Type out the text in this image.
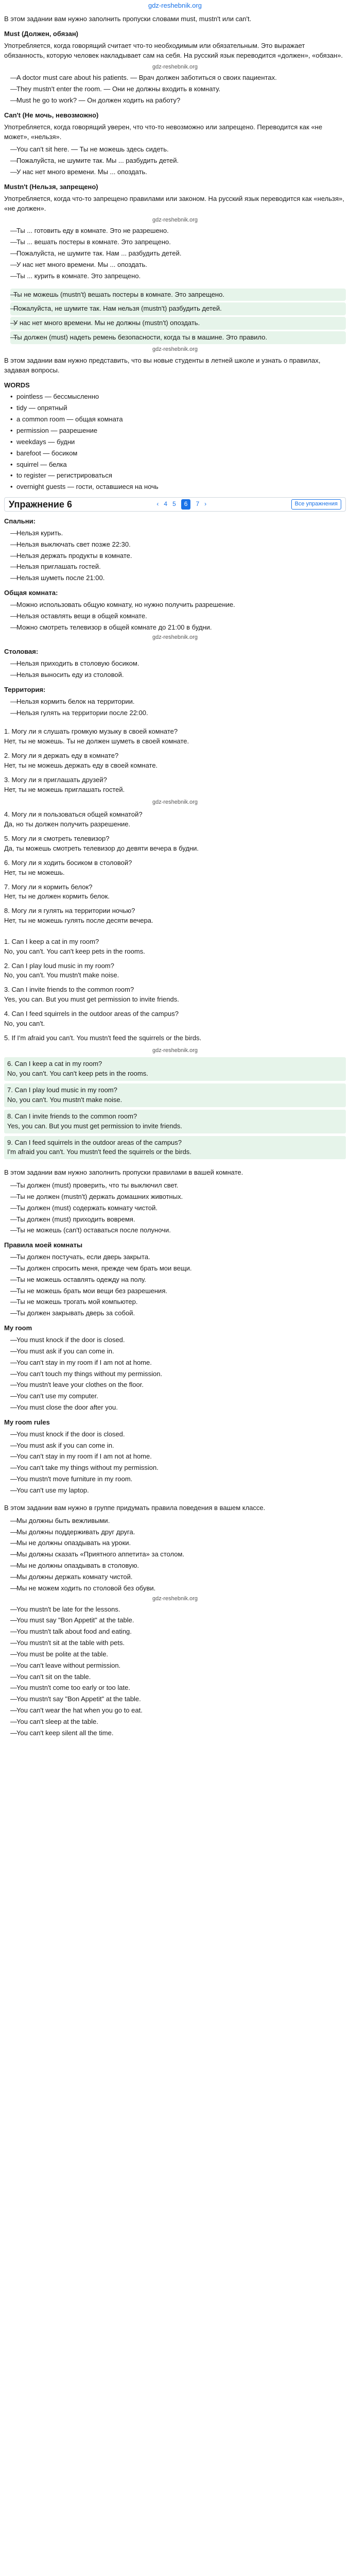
gdz-reshebnik.org

В этом задании вам нужно заполнить пропуски словами must, mustn't или can't.

Must (Должен, обязан)

Употребляется, когда говорящий считает что-то необходимым или обязательным. Это выражает обязанность, которую человек накладывает сам на себя. На русский язык переводится «должен», «обязан».

gdz-reshebnik.org
— A doctor must care about his patients. — Врач должен заботиться о своих пациентах.
— They mustn't enter the room. — Они не должны входить в комнату.
— Must he go to work? — Он должен ходить на работу?
Can't (Не мочь, невозможно)

Употребляется, когда говорящий уверен, что что-то невозможно или запрещено. Переводится как «не может», «нельзя».

— You can't sit here. — Ты не можешь здесь сидеть.
— Пожалуйста, не шумите так. Мы ... разбудить детей.
— У нас нет много времени. Мы ... опоздать.
Mustn't (Нельзя, запрещено)

Употребляется, когда что-то запрещено правилами или законом. На русский язык переводится как «нельзя», «не должен».

gdz-reshebnik.org
— Ты ... готовить еду в комнате. Это не разрешено.
— Ты ... вешать постеры в комнате. Это запрещено.
— Пожалуйста, не шумите так. Нам ... разбудить детей.
— У нас нет много времени. Мы ... опоздать.
— Ты ... курить в комнате. Это запрещено.
— Ты не можешь (mustn't) вешать постеры в комнате. Это запрещено.
— Пожалуйста, не шумите так. Нам нельзя (mustn't) разбудить детей.
— У нас нет много времени. Мы не должны (mustn't) опоздать.
— Ты должен (must) надеть ремень безопасности, когда ты в машине. Это правило.
gdz-reshebnik.org

В этом задании вам нужно представить, что вы новые студенты в летней школе и узнать о правилах, задавая вопросы.

WORDS
• pointless — бессмысленно
• tidy — опрятный
• a common room — общая комната
• permission — разрешение
• weekdays — будни
• barefoot — босиком
• squirrel — белка
• to register — регистрироваться
• overnight guests — гости, оставшиеся на ночь
Упражнение 6	‹ 4 5	6	7 ›	Все упражнения
Спальни:
— Нельзя курить.
— Нельзя выключать свет позже 22:30.
— Нельзя держать продукты в комнате.
— Нельзя приглашать гостей.
— Нельзя шуметь после 21:00.
Общая комната:
— Можно использовать общую комнату, но нужно получить разрешение.
— Нельзя оставлять вещи в общей комнате.
— Можно смотреть телевизор в общей комнате до 21:00 в будни.
gdz-reshebnik.org
Столовая:
— Нельзя приходить в столовую босиком.
— Нельзя выносить еду из столовой.
Территория:
— Нельзя кормить белок на территории.
— Нельзя гулять на территории после 22:00.
1. Могу ли я слушать громкую музыку в своей комнате?
Нет, ты не можешь. Ты не должен шуметь в своей комнате.
2. Могу ли я держать еду в комнате?
Нет, ты не можешь держать еду в своей комнате.
3. Могу ли я приглашать друзей?
Нет, ты не можешь приглашать гостей.
gdz-reshebnik.org
4. Могу ли я пользоваться общей комнатой?
Да, но ты должен получить разрешение.
5. Могу ли я смотреть телевизор?
Да, ты можешь смотреть телевизор до девяти вечера в будни.
6. Могу ли я ходить босиком в столовой?
Нет, ты не можешь.
7. Могу ли я кормить белок?
Нет, ты не должен кормить белок.
8. Могу ли я гулять на территории ночью?
Нет, ты не можешь гулять после десяти вечера.
1. Can I keep a cat in my room?
No, you can't. You can't keep pets in the rooms.
2. Can I play loud music in my room?
No, you can't. You mustn't make noise.
3. Can I invite friends to the common room?
Yes, you can. But you must get permission to invite friends.
4. Can I feed squirrels in the outdoor areas of the campus?
No, you can't.
5. If I'm afraid you can't. You mustn't feed the squirrels or the birds.
gdz-reshebnik.org
6. Can I keep a cat in my room?
No, you can't. You can't keep pets in the rooms.
7. Can I play loud music in my room?
No, you can't. You mustn't make noise.
8. Can I invite friends to the common room?
Yes, you can. But you must get permission to invite friends.
9. Can I feed squirrels in the outdoor areas of the campus?
I'm afraid you can't. You mustn't feed the squirrels or the birds.

В этом задании вам нужно заполнить пропуски правилами в вашей комнате.

— Ты должен (must) проверить, что ты выключил свет.
— Ты не должен (mustn't) держать домашних животных.
— Ты должен (must) содержать комнату чистой.
— Ты должен (must) приходить вовремя.
— Ты не можешь (can't) оставаться после полуночи.
Правила моей комнаты
— Ты должен постучать, если дверь закрыта.
— Ты должен спросить меня, прежде чем брать мои вещи.
— Ты не можешь оставлять одежду на полу.
— Ты не можешь брать мои вещи без разрешения.
— Ты не можешь трогать мой компьютер.
— Ты должен закрывать дверь за собой.
My room
— You must knock if the door is closed.
— You must ask if you can come in.
— You can't stay in my room if I am not at home.
— You can't touch my things without my permission.
— You mustn't leave your clothes on the floor.
— You can't use my computer.
— You must close the door after you.
My room rules
— You must knock if the door is closed.
— You must ask if you can come in.
— You can't stay in my room if I am not at home.
— You can't take my things without my permission.
— You mustn't move furniture in my room.
— You can't use my laptop.

В этом задании вам нужно в группе придумать правила поведения в вашем классе.

— Мы должны быть вежливыми.
— Мы должны поддерживать друг друга.
— Мы не должны опаздывать на уроки.
— Мы должны сказать «Приятного аппетита» за столом.
— Мы не должны опаздывать в столовую.
— Мы должны держать комнату чистой.
— Мы не можем ходить по столовой без обуви.
gdz-reshebnik.org
— You mustn't be late for the lessons.
— You must say "Bon Appetit" at the table.
— You mustn't talk about food and eating.
— You mustn't sit at the table with pets.
— You must be polite at the table.
— You can't leave without permission.
— You can't sit on the table.
— You mustn't come too early or too late.
— You mustn't say "Bon Appetit" at the table.
— You can't wear the hat when you go to eat.
— You can't sleep at the table.
— You can't keep silent all the time.
